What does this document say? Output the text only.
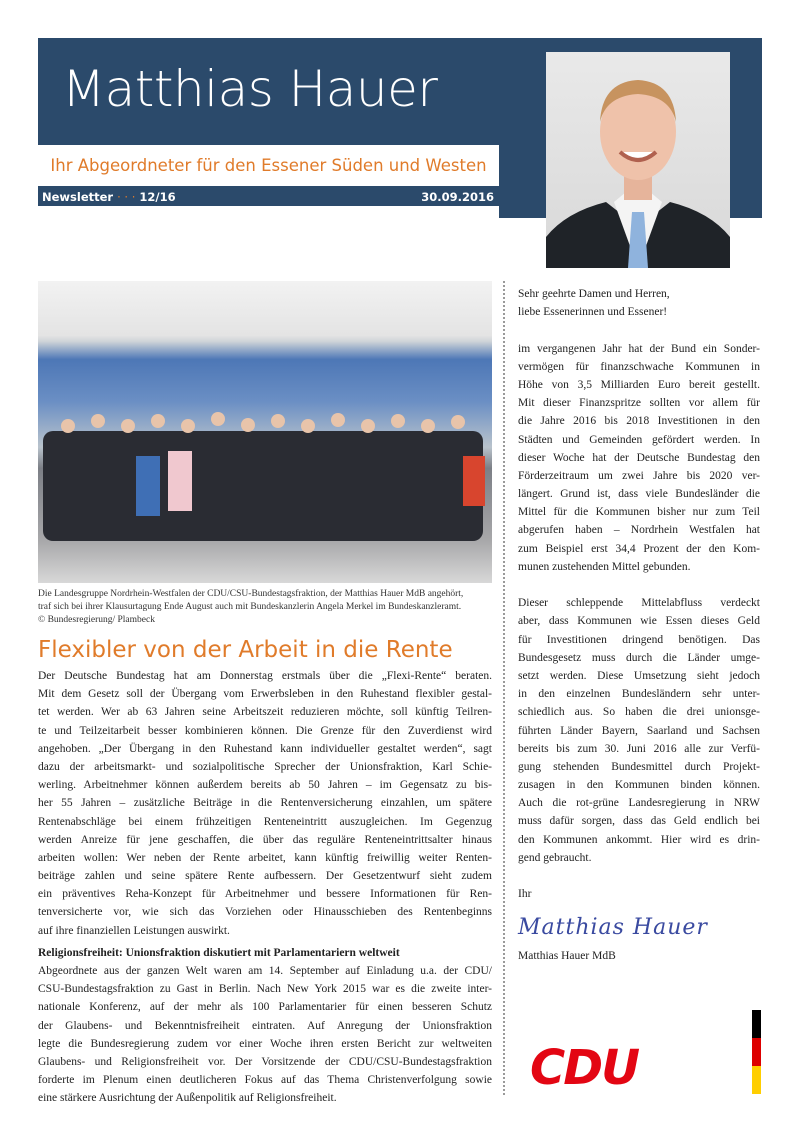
Matthias Hauer
Ihr Abgeordneter für den Essener Süden und Westen
Newsletter · · · 12/16	30.09.2016
Die Landesgruppe Nordrhein-Westfalen der CDU/CSU-Bundestagsfraktion, der Matthias Hauer MdB angehört,
traf sich bei ihrer Klausurtagung Ende August auch mit Bundeskanzlerin Angela Merkel im Bundeskanzleramt.
© Bundesregierung/ Plambeck
Flexibler von der Arbeit in die Rente
Der Deutsche Bundestag hat am Donnerstag erstmals über die „Flexi-Rente“ beraten.
Mit dem Gesetz soll der Übergang vom Erwerbsleben in den Ruhestand flexibler gestal-
tet werden. Wer ab 63 Jahren seine Arbeitszeit reduzieren möchte, soll künftig Teilren-
te und Teilzeitarbeit besser kombinieren können. Die Grenze für den Zuverdienst wird
angehoben. „Der Übergang in den Ruhestand kann individueller gestaltet werden“, sagt
dazu der arbeitsmarkt- und sozialpolitische Sprecher der Unionsfraktion, Karl Schie-
werling. Arbeitnehmer können außerdem bereits ab 50 Jahren – im Gegensatz zu bis-
her 55 Jahren – zusätzliche Beiträge in die Rentenversicherung einzahlen, um spätere
Rentenabschläge bei einem frühzeitigen Renteneintritt auszugleichen. Im Gegenzug
werden Anreize für jene geschaffen, die über das reguläre Renteneintrittsalter hinaus
arbeiten wollen: Wer neben der Rente arbeitet, kann künftig freiwillig weiter Renten-
beiträge zahlen und seine spätere Rente aufbessern. Der Gesetzentwurf sieht zudem
ein präventives Reha-Konzept für Arbeitnehmer und bessere Informationen für Ren-
tenversicherte vor, wie sich das Vorziehen oder Hinausschieben des Rentenbeginns
auf ihre finanziellen Leistungen auswirkt.
Religionsfreiheit: Unionsfraktion diskutiert mit Parlamentariern weltweit
Abgeordnete aus der ganzen Welt waren am 14. September auf Einladung u.a. der CDU/
CSU-Bundestagsfraktion zu Gast in Berlin. Nach New York 2015 war es die zweite inter-
nationale Konferenz, auf der mehr als 100 Parlamentarier für einen besseren Schutz
der Glaubens- und Bekenntnisfreiheit eintraten. Auf Anregung der Unionsfraktion
legte die Bundesregierung zudem vor einer Woche ihren ersten Bericht zur weltweiten
Glaubens- und Religionsfreiheit vor. Der Vorsitzende der CDU/CSU-Bundestagsfraktion
forderte im Plenum einen deutlicheren Fokus auf das Thema Christenverfolgung sowie
eine stärkere Ausrichtung der Außenpolitik auf Religionsfreiheit.
Sehr geehrte Damen und Herren,
liebe Essenerinnen und Essener!
im vergangenen Jahr hat der Bund ein Sonder-
vermögen für finanzschwache Kommunen in
Höhe von 3,5 Milliarden Euro bereit gestellt.
Mit dieser Finanzspritze sollten vor allem für
die Jahre 2016 bis 2018 Investitionen in den
Städten und Gemeinden gefördert werden. In
dieser Woche hat der Deutsche Bundestag den
Förderzeitraum um zwei Jahre bis 2020 ver-
längert. Grund ist, dass viele Bundesländer die
Mittel für die Kommunen bisher nur zum Teil
abgerufen haben – Nordrhein Westfalen hat
zum Beispiel erst 34,4 Prozent der den Kom-
munen zustehenden Mittel gebunden.
Dieser schleppende Mittelabfluss verdeckt
aber, dass Kommunen wie Essen dieses Geld
für Investitionen dringend benötigen. Das
Bundesgesetz muss durch die Länder umge-
setzt werden. Diese Umsetzung sieht jedoch
in den einzelnen Bundesländern sehr unter-
schiedlich aus. So haben die drei unionsge-
führten Länder Bayern, Saarland und Sachsen
bereits bis zum 30. Juni 2016 alle zur Verfü-
gung stehenden Bundesmittel durch Projekt-
zusagen in den Kommunen binden können.
Auch die rot-grüne Landesregierung in NRW
muss dafür sorgen, dass das Geld endlich bei
den Kommunen ankommt. Hier wird es drin-
gend gebraucht.
Ihr
Matthias Hauer
Matthias Hauer MdB
CDU
